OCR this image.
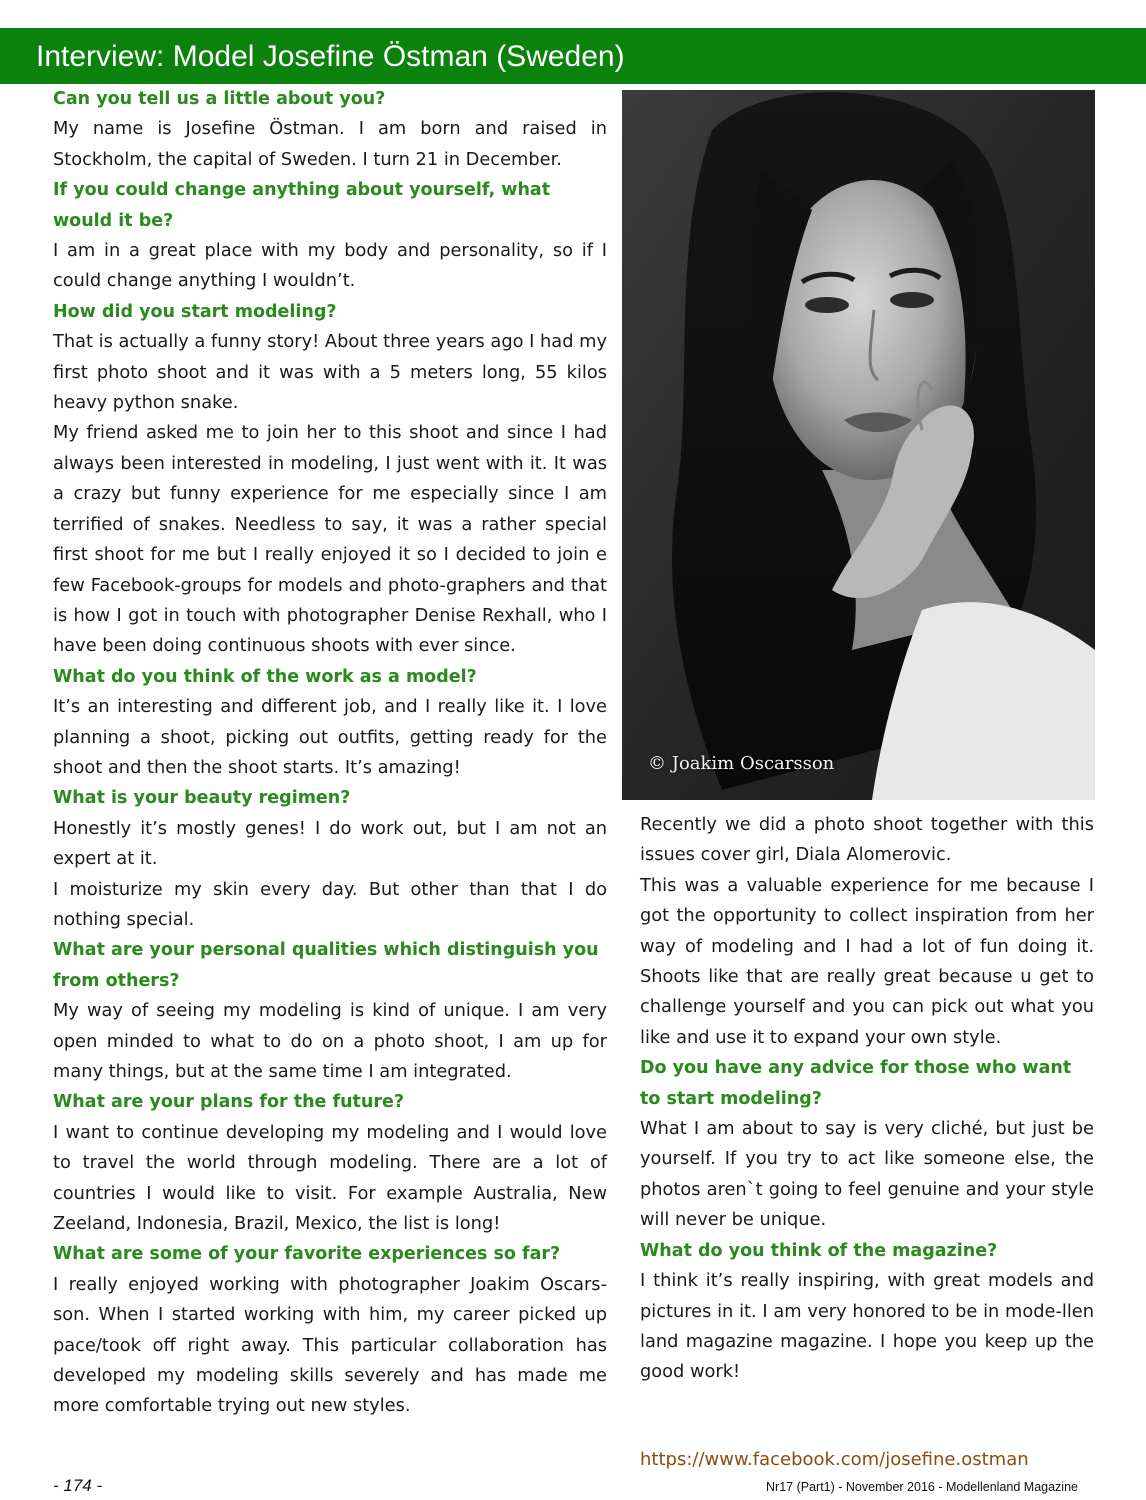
Interview: Model Josefine Östman (Sweden)

Can you tell us a little about you?

My name is Josefine Östman. I am born and raised in Stockholm, the capital of Sweden. I turn 21 in December.

If you could change anything about yourself, what would it be?

I am in a great place with my body and personality, so if I could change anything I wouldn’t.

How did you start modeling?

That is actually a funny story! About three years ago I had my first photo shoot and it was with a 5 meters long, 55 kilos heavy python snake.

My friend asked me to join her to this shoot and since I had always been interested in modeling, I just went with it. It was a crazy but funny experience for me especially since I am terrified of snakes. Needless to say, it was a rather special first shoot for me but I really enjoyed it so I decided to join e few Facebook-groups for models and photo-graphers and that is how I got in touch with photographer Denise Rexhall, who I have been doing continuous shoots with ever since.

What do you think of the work as a model?

It’s an interesting and different job, and I really like it. I love planning a shoot, picking out outfits, getting ready for the shoot and then the shoot starts. It’s amazing!

What is your beauty regimen?

Honestly it’s mostly genes! I do work out, but I am not an expert at it.

I moisturize my skin every day. But other than that I do nothing special.

What are your personal qualities which distinguish you from others?

My way of seeing my modeling is kind of unique. I am very open minded to what to do on a photo shoot, I am up for many things, but at the same time I am integrated.

What are your plans for the future?

I want to continue developing my modeling and I would love to travel the world through modeling. There are a lot of countries I would like to visit. For example Australia, New Zeeland, Indonesia, Brazil, Mexico, the list is long!

What are some of your favorite experiences so far?

I really enjoyed working with photographer Joakim Oscars-son. When I started working with him, my career picked up pace/took off right away. This particular collaboration has developed my modeling skills severely and has made me more comfortable trying out new styles.

© Joakim Oscarsson

Recently we did a photo shoot together with this issues cover girl, Diala Alomerovic.

This was a valuable experience for me because I got the opportunity to collect inspiration from her way of modeling and I had a lot of fun doing it. Shoots like that are really great because u get to challenge yourself and you can pick out what you like and use it to expand your own style.

Do you have any advice for those who want to start modeling?

What I am about to say is very cliché, but just be yourself. If you try to act like someone else, the photos aren`t going to feel genuine and your style will never be unique.

What do you think of the magazine?

I think it’s really inspiring, with great models and pictures in it. I am very honored to be in mode-llen land magazine magazine. I hope you keep up the good work!

https://www.facebook.com/josefine.ostman
- 174 -	Nr17 (Part1) - November 2016 - Modellenland Magazine
